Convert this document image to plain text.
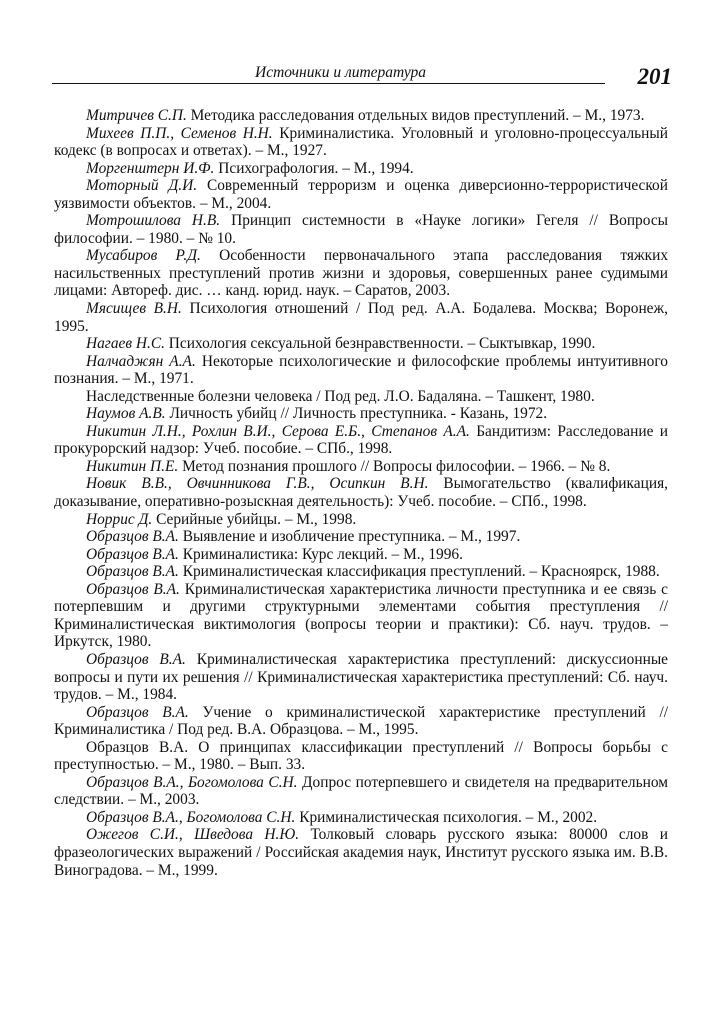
Источники и литература	201

Митричев С.П. Методика расследования отдельных видов преступлений. – М., 1973.

Михеев П.П., Семенов Н.Н. Криминалистика. Уголовный и уголовно-процессуальный кодекс (в вопросах и ответах). – М., 1927.

Моргенштерн И.Ф. Психографология. – М., 1994.

Моторный Д.И. Современный терроризм и оценка диверсионно-террористической уязвимости объектов. – М., 2004.

Мотрошилова Н.В. Принцип системности в «Науке логики» Гегеля // Вопросы философии. – 1980. – № 10.

Мусабиров Р.Д. Особенности первоначального этапа расследования тяжких насильственных преступлений против жизни и здоровья, совершенных ранее судимыми лицами: Автореф. дис. … канд. юрид. наук. – Саратов, 2003.

Мясищев В.Н. Психология отношений / Под ред. А.А. Бодалева. Москва; Воронеж, 1995.

Нагаев Н.С. Психология сексуальной безнравственности. – Сыктывкар, 1990.

Налчаджян А.А. Некоторые психологические и философские проблемы интуитивного познания. – М., 1971.

Наследственные болезни человека / Под ред. Л.О. Бадаляна. – Ташкент, 1980.

Наумов А.В. Личность убийц // Личность преступника. - Казань, 1972.

Никитин Л.Н., Рохлин В.И., Серова Е.Б., Степанов А.А. Бандитизм: Расследование и прокурорский надзор: Учеб. пособие. – СПб., 1998.

Никитин П.Е. Метод познания прошлого // Вопросы философии. – 1966. – № 8.

Новик В.В., Овчинникова Г.В., Осипкин В.Н. Вымогательство (квалификация, доказывание, оперативно-розыскная деятельность): Учеб. пособие. – СПб., 1998.

Норрис Д. Серийные убийцы. – М., 1998.

Образцов В.А. Выявление и изобличение преступника. – М., 1997.

Образцов В.А. Криминалистика: Курс лекций. – М., 1996.

Образцов В.А. Криминалистическая классификация преступлений. – Красноярск, 1988.

Образцов В.А. Криминалистическая характеристика личности преступника и ее связь с потерпевшим и другими структурными элементами события преступления // Криминалистическая виктимология (вопросы теории и практики): Сб. науч. трудов. – Иркутск, 1980.

Образцов В.А. Криминалистическая характеристика преступлений: дискуссионные вопросы и пути их решения // Криминалистическая характеристика преступлений: Сб. науч. трудов. – М., 1984.

Образцов В.А. Учение о криминалистической характеристике преступлений // Криминалистика / Под ред. В.А. Образцова. – М., 1995.

Образцов В.А. О принципах классификации преступлений // Вопросы борьбы с преступностью. – М., 1980. – Вып. 33.

Образцов В.А., Богомолова С.Н. Допрос потерпевшего и свидетеля на предварительном следствии. – М., 2003.

Образцов В.А., Богомолова С.Н. Криминалистическая психология. – М., 2002.

Ожегов С.И., Шведова Н.Ю. Толковый словарь русского языка: 80000 слов и фразеологических выражений / Российская академия наук, Институт русского языка им. В.В. Виноградова. – М., 1999.
